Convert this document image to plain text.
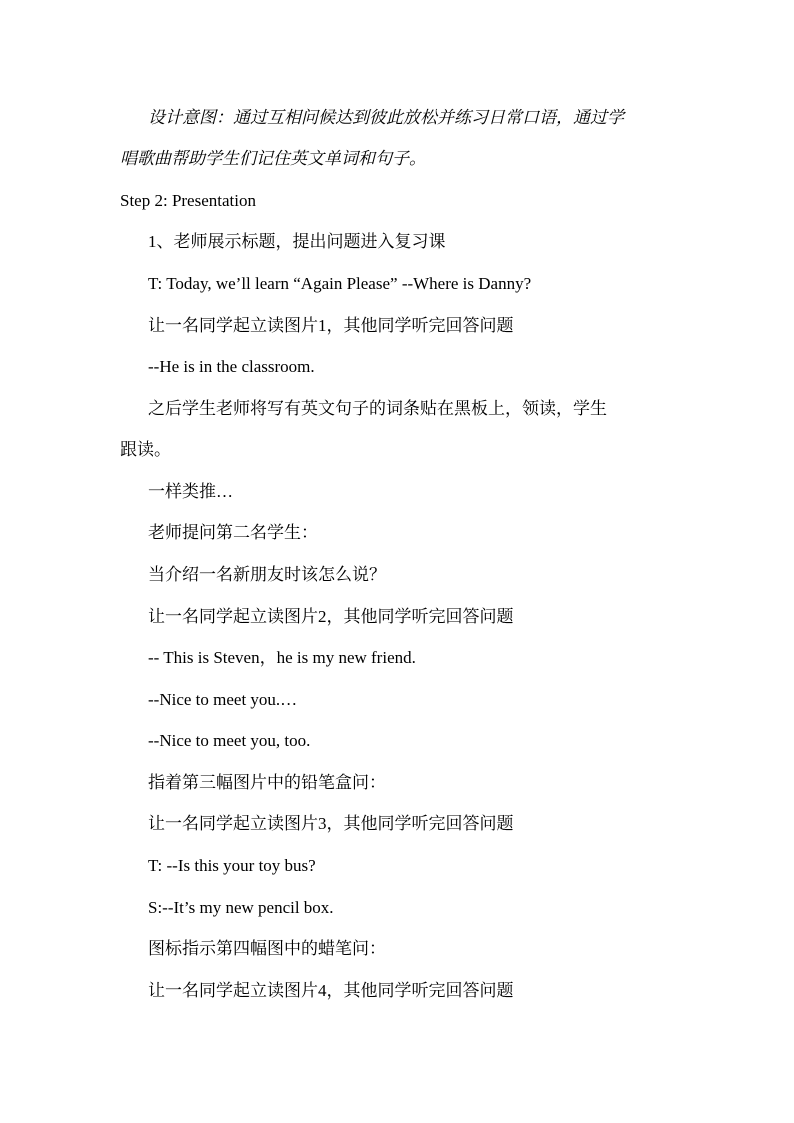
设计意图：通过互相问候达到彼此放松并练习日常口语，通过学
唱歌曲帮助学生们记住英文单词和句子。
Step 2: Presentation
1、老师展示标题，提出问题进入复习课
T: Today, we’ll learn “Again Please” --Where is Danny?
让一名同学起立读图片1，其他同学听完回答问题
--He is in the classroom.
之后学生老师将写有英文句子的词条贴在黑板上，领读，学生
跟读。
一样类推…
老师提问第二名学生：
当介绍一名新朋友时该怎么说？
让一名同学起立读图片2，其他同学听完回答问题
-- This is Steven，he is my new friend.
--Nice to meet you.…
--Nice to meet you, too.
指着第三幅图片中的铅笔盒问：
让一名同学起立读图片3，其他同学听完回答问题
T: --Is this your toy bus?
S:--It’s my new pencil box.
图标指示第四幅图中的蜡笔问：
让一名同学起立读图片4，其他同学听完回答问题
